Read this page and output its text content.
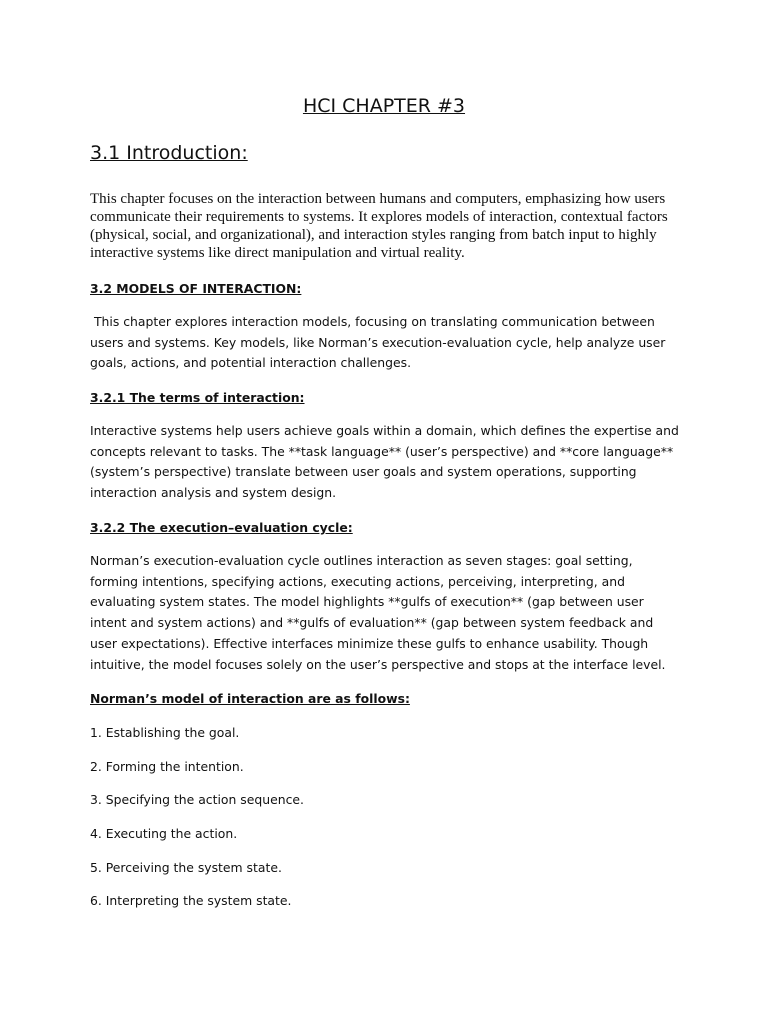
HCI CHAPTER #3
3.1 Introduction:

This chapter focuses on the interaction between humans and computers, emphasizing how users communicate their requirements to systems. It explores models of interaction, contextual factors (physical, social, and organizational), and interaction styles ranging from batch input to highly interactive systems like direct manipulation and virtual reality.

3.2 MODELS OF INTERACTION:

This chapter explores interaction models, focusing on translating communication between users and systems. Key models, like Norman’s execution-evaluation cycle, help analyze user goals, actions, and potential interaction challenges.

3.2.1 The terms of interaction:

Interactive systems help users achieve goals within a domain, which defines the expertise and concepts relevant to tasks. The **task language** (user’s perspective) and **core language** (system’s perspective) translate between user goals and system operations, supporting interaction analysis and system design.

3.2.2 The execution–evaluation cycle:

Norman’s execution-evaluation cycle outlines interaction as seven stages: goal setting, forming intentions, specifying actions, executing actions, perceiving, interpreting, and evaluating system states. The model highlights **gulfs of execution** (gap between user intent and system actions) and **gulfs of evaluation** (gap between system feedback and user expectations). Effective interfaces minimize these gulfs to enhance usability. Though intuitive, the model focuses solely on the user’s perspective and stops at the interface level.

Norman’s model of interaction are as follows:
1. Establishing the goal.
2. Forming the intention.
3. Specifying the action sequence.
4. Executing the action.
5. Perceiving the system state.
6. Interpreting the system state.
